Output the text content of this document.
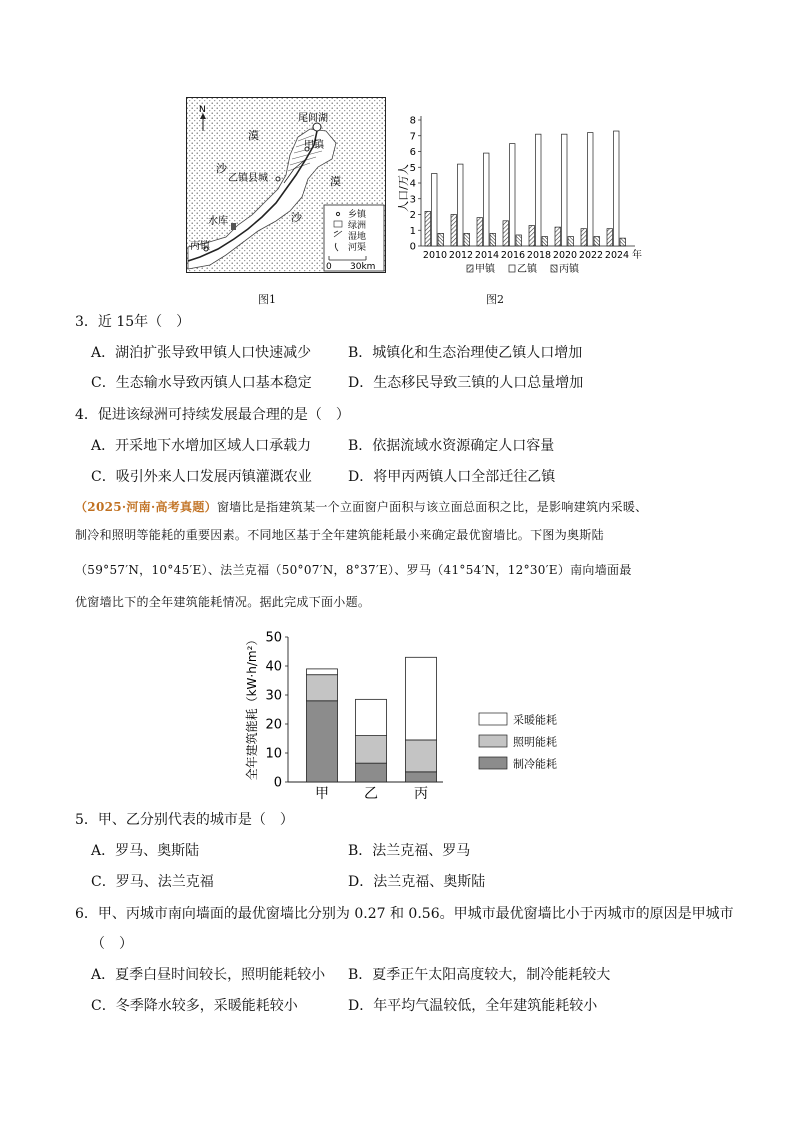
N
尾闾湖
甲镇
漠
沙
乙镇县城	漠
水库	沙
丙镇
乡镇
绿洲
湿地
河渠
0 30km
图1
人口/万人
0
1
2
3
4
5
6
7
8
2010 2012 2014 2016 2018 2020 2022 2024 年
甲镇 乙镇 丙镇
图2
3．近 15年（　）
A．湖泊扩张导致甲镇人口快速减少	B．城镇化和生态治理使乙镇人口增加
C．生态输水导致丙镇人口基本稳定	D．生态移民导致三镇的人口总量增加
4．促进该绿洲可持续发展最合理的是（　）
A．开采地下水增加区域人口承载力	B．依据流域水资源确定人口容量
C．吸引外来人口发展丙镇灌溉农业	D．将甲丙两镇人口全部迁往乙镇
（2025·河南·高考真题）窗墙比是指建筑某一个立面窗户面积与该立面总面积之比，是影响建筑内采暖、
制冷和照明等能耗的重要因素。不同地区基于全年建筑能耗最小来确定最优窗墙比。下图为奥斯陆
（59°57′N，10°45′E）、法兰克福（50°07′N，8°37′E）、罗马（41°54′N，12°30′E）南向墙面最
优窗墙比下的全年建筑能耗情况。据此完成下面小题。
全年建筑能耗（kW·h/m²）
0
10
20
30
40
50
甲	乙	丙
采暖能耗
照明能耗
制冷能耗
5．甲、乙分别代表的城市是（　）
A．罗马、奥斯陆	B．法兰克福、罗马
C．罗马、法兰克福	D．法兰克福、奥斯陆
6．甲、丙城市南向墙面的最优窗墙比分别为 0.27 和 0.56。甲城市最优窗墙比小于丙城市的原因是甲城市
（　）
A．夏季白昼时间较长，照明能耗较小 B．夏季正午太阳高度较大，制冷能耗较大
C．冬季降水较多，采暖能耗较小	D．年平均气温较低，全年建筑能耗较小
